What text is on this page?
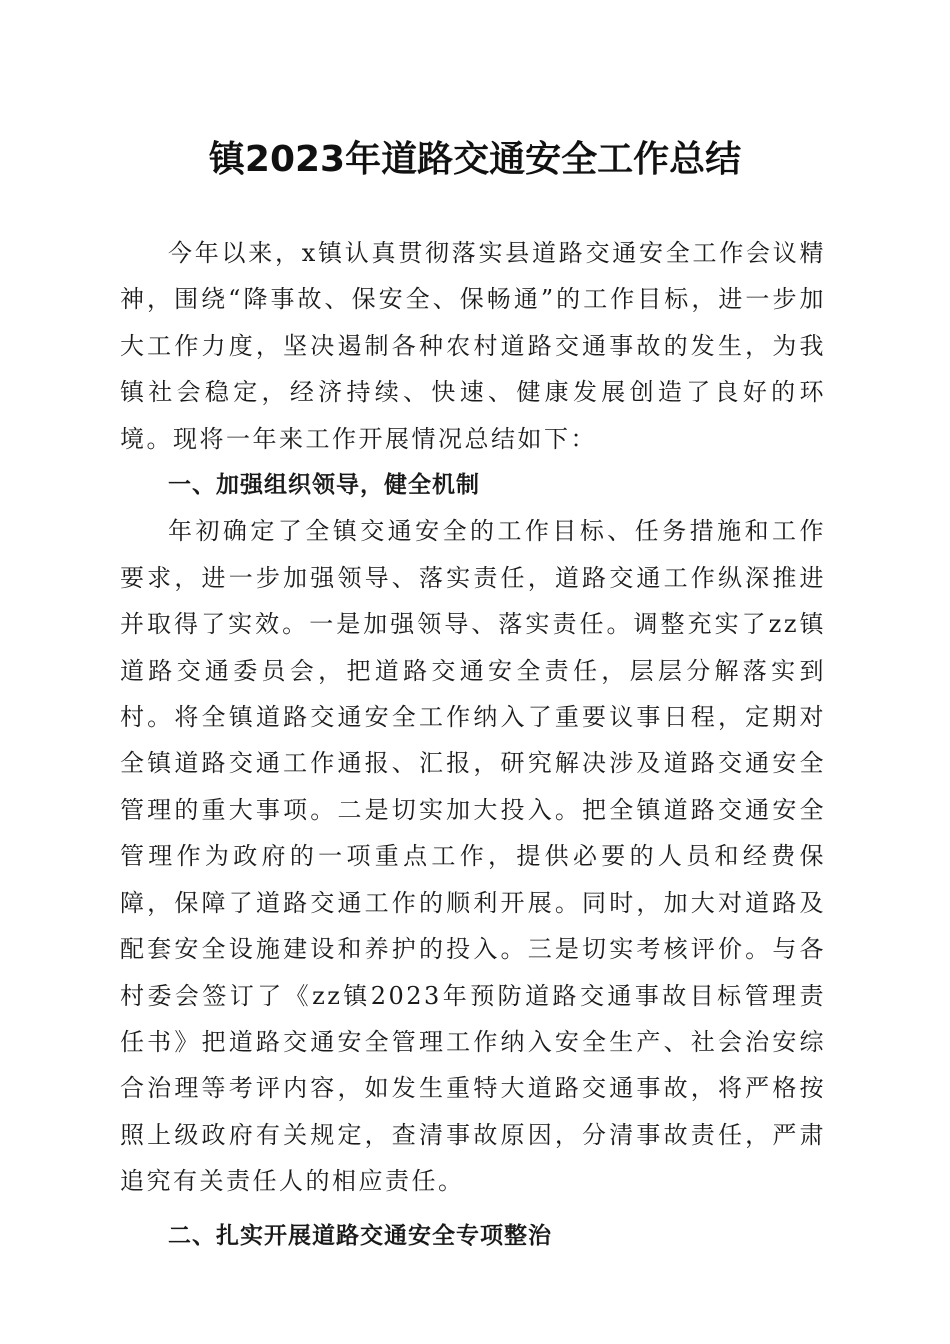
镇2023年道路交通安全工作总结

今年以来，x镇认真贯彻落实县道路交通安全工作会议精神，围绕“降事故、保安全、保畅通”的工作目标，进一步加大工作力度，坚决遏制各种农村道路交通事故的发生，为我镇社会稳定，经济持续、快速、健康发展创造了良好的环境。现将一年来工作开展情况总结如下：

一、加强组织领导，健全机制

年初确定了全镇交通安全的工作目标、任务措施和工作要求，进一步加强领导、落实责任，道路交通工作纵深推进并取得了实效。一是加强领导、落实责任。调整充实了zz镇道路交通委员会，把道路交通安全责任，层层分解落实到村。将全镇道路交通安全工作纳入了重要议事日程，定期对全镇道路交通工作通报、汇报，研究解决涉及道路交通安全管理的重大事项。二是切实加大投入。把全镇道路交通安全管理作为政府的一项重点工作，提供必要的人员和经费保障，保障了道路交通工作的顺利开展。同时，加大对道路及配套安全设施建设和养护的投入。三是切实考核评价。与各村委会签订了《zz镇2023年预防道路交通事故目标管理责任书》把道路交通安全管理工作纳入安全生产、社会治安综合治理等考评内容，如发生重特大道路交通事故，将严格按照上级政府有关规定，查清事故原因，分清事故责任，严肃追究有关责任人的相应责任。

二、扎实开展道路交通安全专项整治
